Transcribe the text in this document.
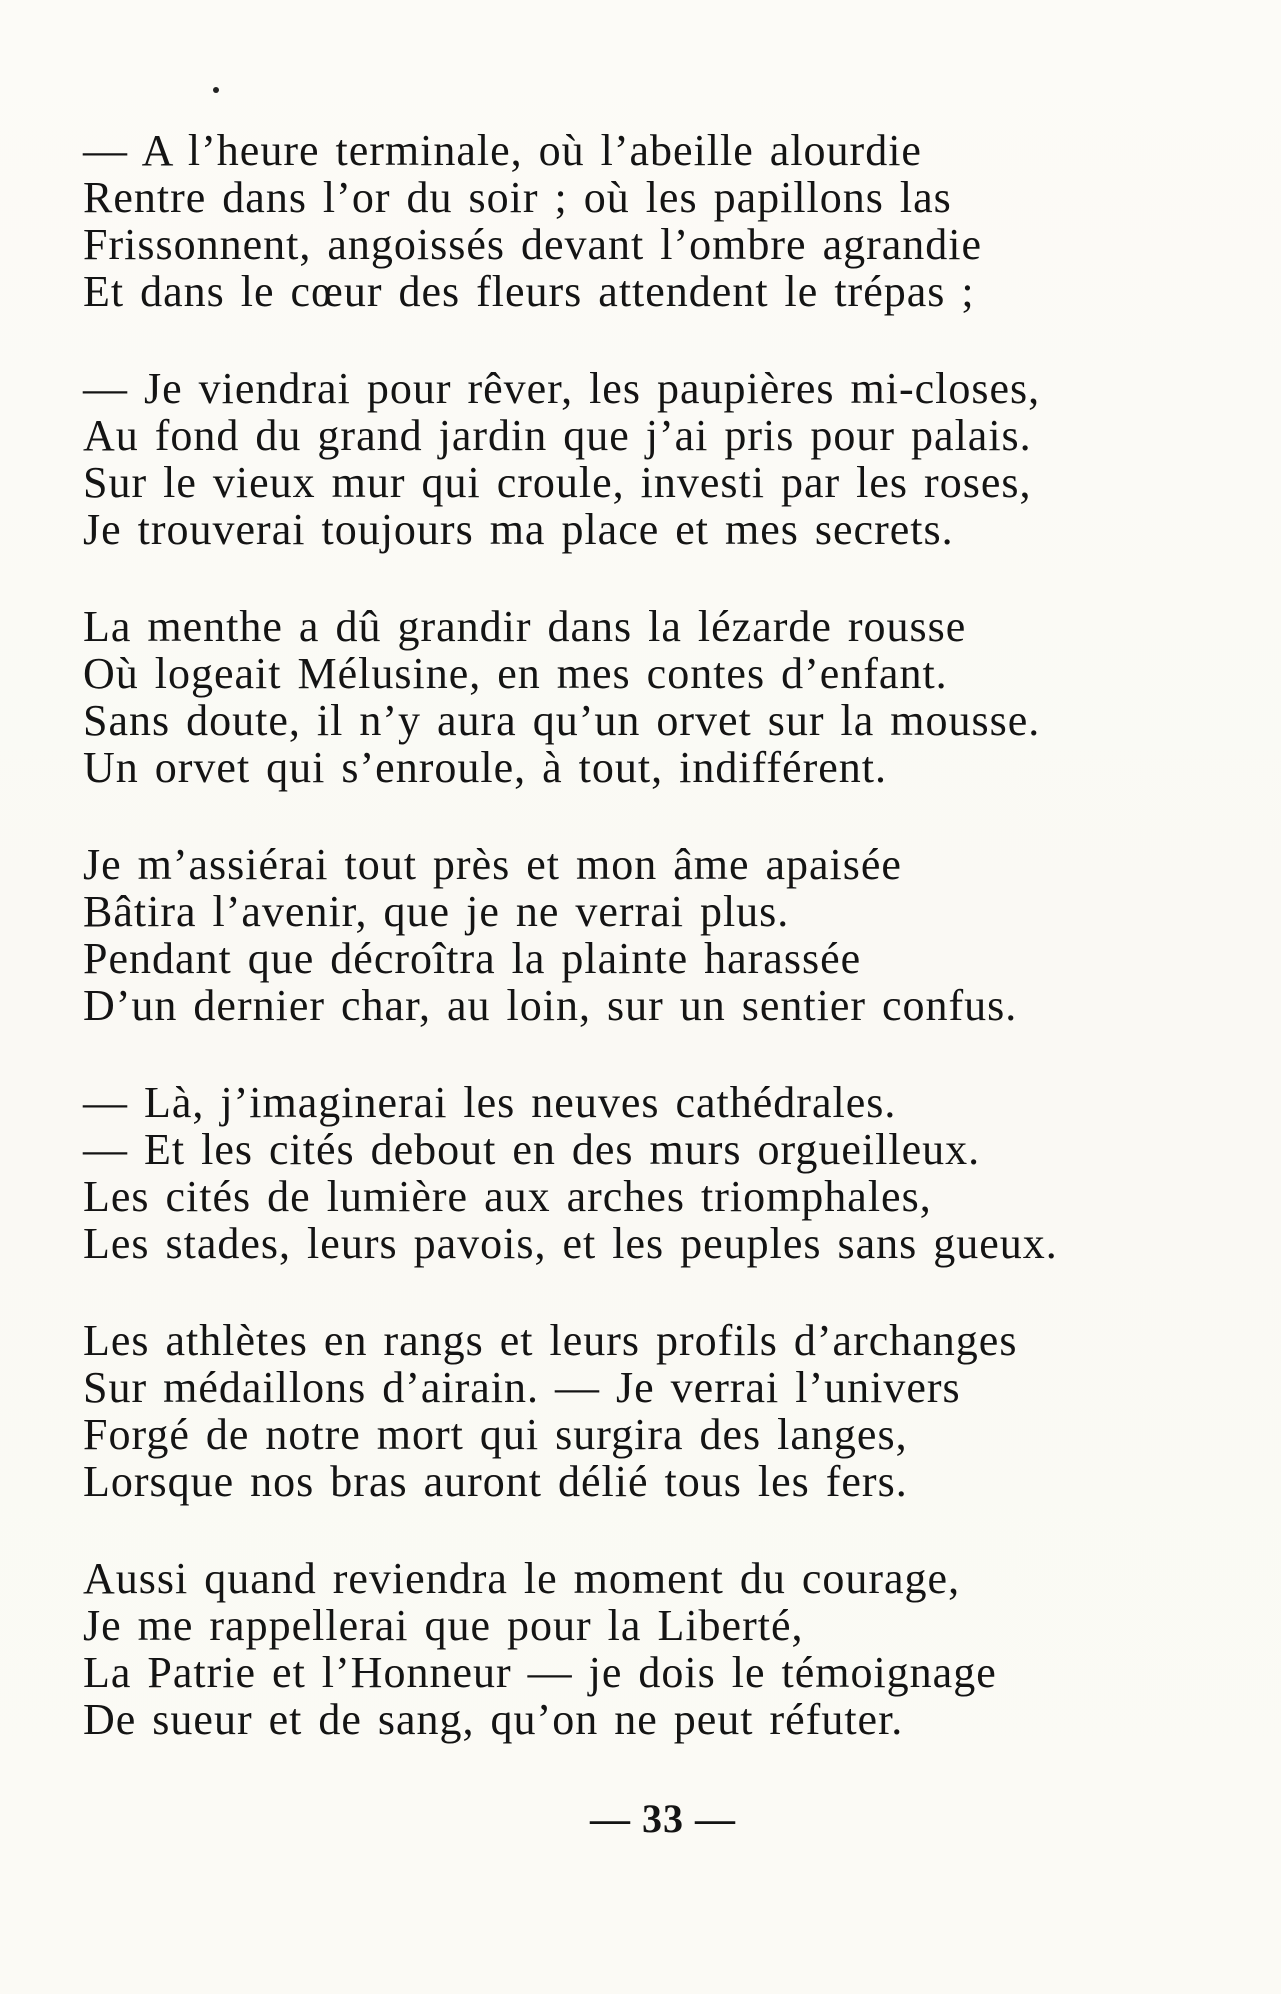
— A l’heure terminale, où l’abeille alourdie
Rentre dans l’or du soir ; où les papillons las
Frissonnent, angoissés devant l’ombre agrandie
Et dans le cœur des fleurs attendent le trépas ;
— Je viendrai pour rêver, les paupières mi-closes,
Au fond du grand jardin que j’ai pris pour palais.
Sur le vieux mur qui croule, investi par les roses,
Je trouverai toujours ma place et mes secrets.
La menthe a dû grandir dans la lézarde rousse
Où logeait Mélusine, en mes contes d’enfant.
Sans doute, il n’y aura qu’un orvet sur la mousse.
Un orvet qui s’enroule, à tout, indifférent.
Je m’assiérai tout près et mon âme apaisée
Bâtira l’avenir, que je ne verrai plus.
Pendant que décroîtra la plainte harassée
D’un dernier char, au loin, sur un sentier confus.
— Là, j’imaginerai les neuves cathédrales.
— Et les cités debout en des murs orgueilleux.
Les cités de lumière aux arches triomphales,
Les stades, leurs pavois, et les peuples sans gueux.
Les athlètes en rangs et leurs profils d’archanges
Sur médaillons d’airain. — Je verrai l’univers
Forgé de notre mort qui surgira des langes,
Lorsque nos bras auront délié tous les fers.
Aussi quand reviendra le moment du courage,
Je me rappellerai que pour la Liberté,
La Patrie et l’Honneur — je dois le témoignage
De sueur et de sang, qu’on ne peut réfuter.
— 33 —
